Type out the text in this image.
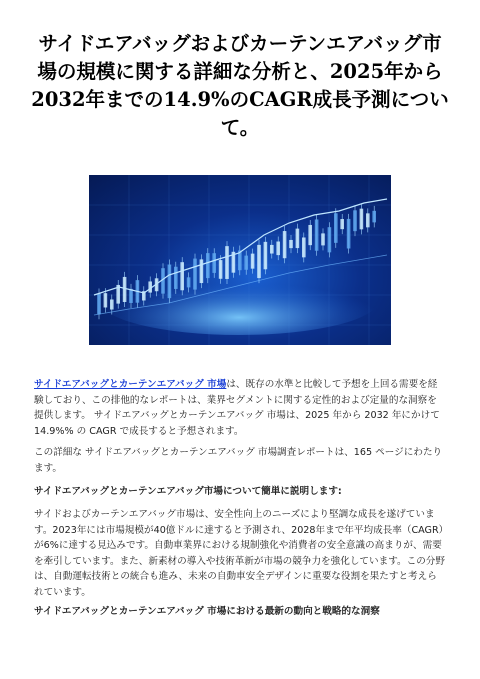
サイドエアバッグおよびカーテンエアバッグ市場の規模に関する詳細な分析と、2025年から2032年までの14.9%のCAGR成長予測について。
サイドエアバッグとカーテンエアバッグ 市場は、既存の水準と比較して予想を上回る需要を経験しており、この排他的なレポートは、業界セグメントに関する定性的および定量的な洞察を提供します。 サイドエアバッグとカーテンエアバッグ 市場は、2025 年から 2032 年にかけて 14.9%% の CAGR で成長すると予想されます。
この詳細な サイドエアバッグとカーテンエアバッグ 市場調査レポートは、165 ページにわたります。
サイドエアバッグとカーテンエアバッグ市場について簡単に説明します:
サイドおよびカーテンエアバッグ市場は、安全性向上のニーズにより堅調な成長を遂げています。2023年には市場規模が40億ドルに達すると予測され、2028年まで年平均成長率（CAGR）が6%に達する見込みです。自動車業界における規制強化や消費者の安全意識の高まりが、需要を牽引しています。また、新素材の導入や技術革新が市場の競争力を強化しています。この分野は、自動運転技術との統合も進み、未来の自動車安全デザインに重要な役割を果たすと考えられています。
サイドエアバッグとカーテンエアバッグ 市場における最新の動向と戦略的な洞察
